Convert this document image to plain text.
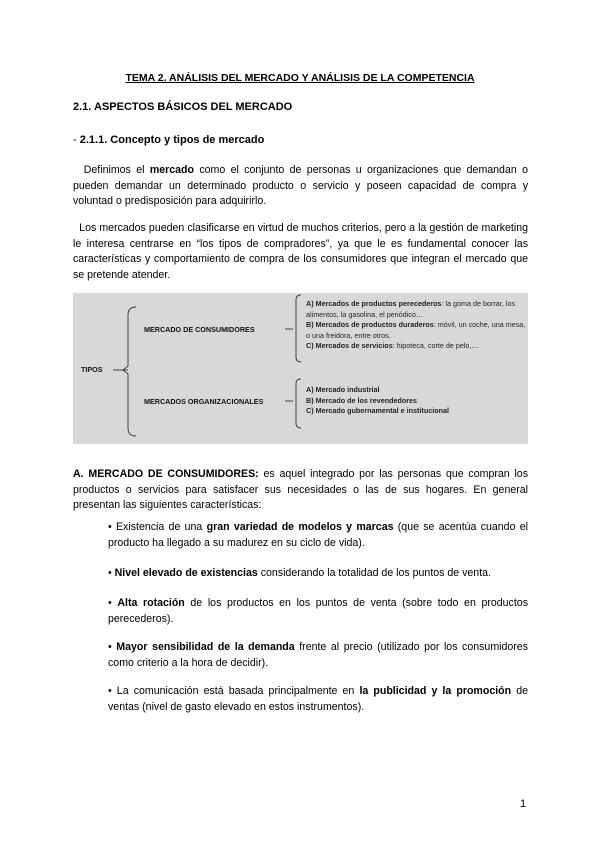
TEMA 2. ANÁLISIS DEL MERCADO Y ANÁLISIS DE LA COMPETENCIA
2.1. ASPECTOS BÁSICOS DEL MERCADO
- 2.1.1. Concepto y tipos de mercado

Definimos el mercado como el conjunto de personas u organizaciones que demandan o pueden demandar un determinado producto o servicio y poseen capacidad de compra y voluntad o predisposición para adquirirlo.

Los mercados pueden clasificarse en virtud de muchos criterios, pero a la gestión de marketing le interesa centrarse en “los tipos de compradores”, ya que le es fundamental conocer las características y comportamiento de compra de los consumidores que integran el mercado que se pretende atender.

TIPOS
MERCADO DE CONSUMIDORES
MERCADOS ORGANIZACIONALES
A) Mercados de productos perecederos: la goma de borrar, los alimentos, la gasolina, el periódico…
B) Mercados de productos duraderos: móvil, un coche, una mesa, o una freidora, entre otros.
C) Mercados de servicios: hipoteca, corte de pelo,…
A) Mercado industrial
B) Mercado de los revendedores
C) Mercado gubernamental e institucional

A. MERCADO DE CONSUMIDORES: es aquel integrado por las personas que compran los productos o servicios para satisfacer sus necesidades o las de sus hogares. En general presentan las siguientes características:

• Existencia de una gran variedad de modelos y marcas (que se acentúa cuando el producto ha llegado a su madurez en su ciclo de vida).

• Nivel elevado de existencias considerando la totalidad de los puntos de venta.

• Alta rotación de los productos en los puntos de venta (sobre todo en productos perecederos).

• Mayor sensibilidad de la demanda frente al precio (utilizado por los consumidores como criterio a la hora de decidir).

• La comunicación está basada principalmente en la publicidad y la promoción de ventas (nivel de gasto elevado en estos instrumentos).

1
